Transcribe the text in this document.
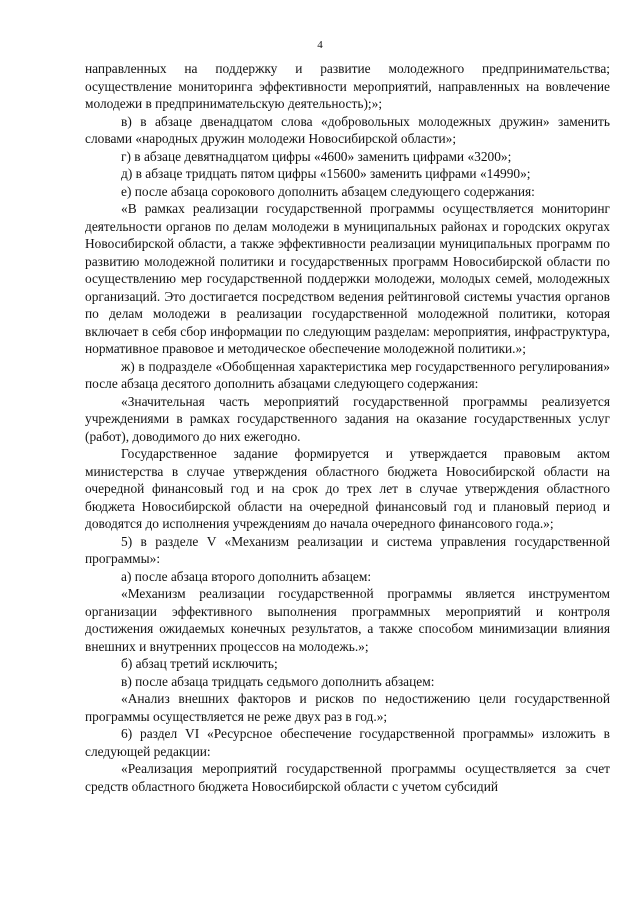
4

направленных на поддержку и развитие молодежного предпринимательства; осуществление мониторинга эффективности мероприятий, направленных на вовлечение молодежи в предпринимательскую деятельность);»;

в) в абзаце двенадцатом слова «добровольных молодежных дружин» заменить словами «народных дружин молодежи Новосибирской области»;

г) в абзаце девятнадцатом цифры «4600» заменить цифрами «3200»;

д) в абзаце тридцать пятом цифры «15600» заменить цифрами «14990»;

е) после абзаца сорокового дополнить абзацем следующего содержания:

«В рамках реализации государственной программы осуществляется мониторинг деятельности органов по делам молодежи в муниципальных районах и городских округах Новосибирской области, а также эффективности реализации муниципальных программ по развитию молодежной политики и государственных программ Новосибирской области по осуществлению мер государственной поддержки молодежи, молодых семей, молодежных организаций. Это достигается посредством ведения рейтинговой системы участия органов по делам молодежи в реализации государственной молодежной политики, которая включает в себя сбор информации по следующим разделам: мероприятия, инфраструктура, нормативное правовое и методическое обеспечение молодежной политики.»;

ж) в подразделе «Обобщенная характеристика мер государственного регулирования» после абзаца десятого дополнить абзацами следующего содержания:

«Значительная часть мероприятий государственной программы реализуется учреждениями в рамках государственного задания на оказание государственных услуг (работ), доводимого до них ежегодно.

Государственное задание формируется и утверждается правовым актом министерства в случае утверждения областного бюджета Новосибирской области на очередной финансовый год и на срок до трех лет в случае утверждения областного бюджета Новосибирской области на очередной финансовый год и плановый период и доводятся до исполнения учреждениям до начала очередного финансового года.»;

5) в разделе V «Механизм реализации и система управления государственной программы»:

а) после абзаца второго дополнить абзацем:

«Механизм реализации государственной программы является инструментом организации эффективного выполнения программных мероприятий и контроля достижения ожидаемых конечных результатов, а также способом минимизации влияния внешних и внутренних процессов на молодежь.»;

б) абзац третий исключить;

в) после абзаца тридцать седьмого дополнить абзацем:

«Анализ внешних факторов и рисков по недостижению цели государственной программы осуществляется не реже двух раз в год.»;

6) раздел VI «Ресурсное обеспечение государственной программы» изложить в следующей редакции:

«Реализация мероприятий государственной программы осуществляется за счет средств областного бюджета Новосибирской области с учетом субсидий
